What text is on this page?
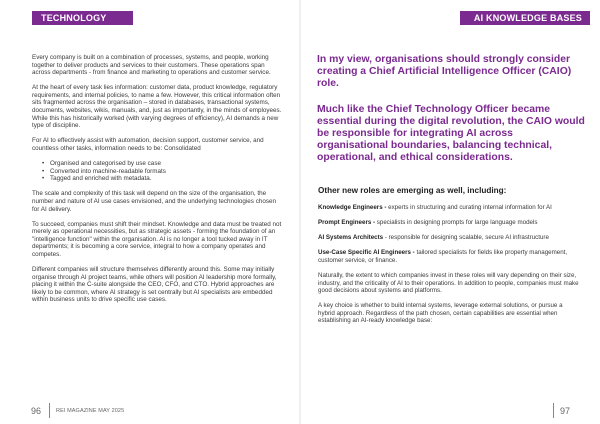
TECHNOLOGY

Every company is built on a combination of processes, systems, and people, working together to deliver products and services to their customers. These operations span across departments - from finance and marketing to operations and customer service.

At the heart of every task lies information: customer data, product knowledge, regulatory requirements, and internal policies, to name a few. However, this critical information often sits fragmented across the organisation – stored in databases, transactional systems, documents, websites, wikis, manuals, and, just as importantly, in the minds of employees. While this has historically worked (with varying degrees of efficiency), AI demands a new type of discipline.

For AI to effectively assist with automation, decision support, customer service, and countless other tasks, information needs to be: Consolidated

• Organised and categorised by use case
• Converted into machine-readable formats
• Tagged and enriched with metadata.

The scale and complexity of this task will depend on the size of the organisation, the number and nature of AI use cases envisioned, and the underlying technologies chosen for AI delivery.

To succeed, companies must shift their mindset. Knowledge and data must be treated not merely as operational necessities, but as strategic assets - forming the foundation of an "intelligence function" within the organisation. AI is no longer a tool tucked away in IT departments; it is becoming a core service, integral to how a company operates and competes.

Different companies will structure themselves differently around this. Some may initially organise through AI project teams, while others will position AI leadership more formally, placing it within the C-suite alongside the CEO, CFO, and CTO. Hybrid approaches are likely to be common, where AI strategy is set centrally but AI specialists are embedded within business units to drive specific use cases.

96	REI MAGAZINE MAY 2025
AI KNOWLEDGE BASES
In my view, organisations should strongly consider creating a Chief Artificial Intelligence Officer (CAIO) role.
Much like the Chief Technology Officer became essential during the digital revolution, the CAIO would be responsible for integrating AI across organisational boundaries, balancing technical, operational, and ethical considerations.
Other new roles are emerging as well, including:

Knowledge Engineers - experts in structuring and curating internal information for AI

Prompt Engineers - specialists in designing prompts for large language models

AI Systems Architects - responsible for designing scalable, secure AI infrastructure

Use-Case Specific AI Engineers - tailored specialists for fields like property management, customer service, or finance.

Naturally, the extent to which companies invest in these roles will vary depending on their size, industry, and the criticality of AI to their operations. In addition to people, companies must make good decisions about systems and platforms.

A key choice is whether to build internal systems, leverage external solutions, or pursue a hybrid approach. Regardless of the path chosen, certain capabilities are essential when establishing an AI-ready knowledge base:

97
